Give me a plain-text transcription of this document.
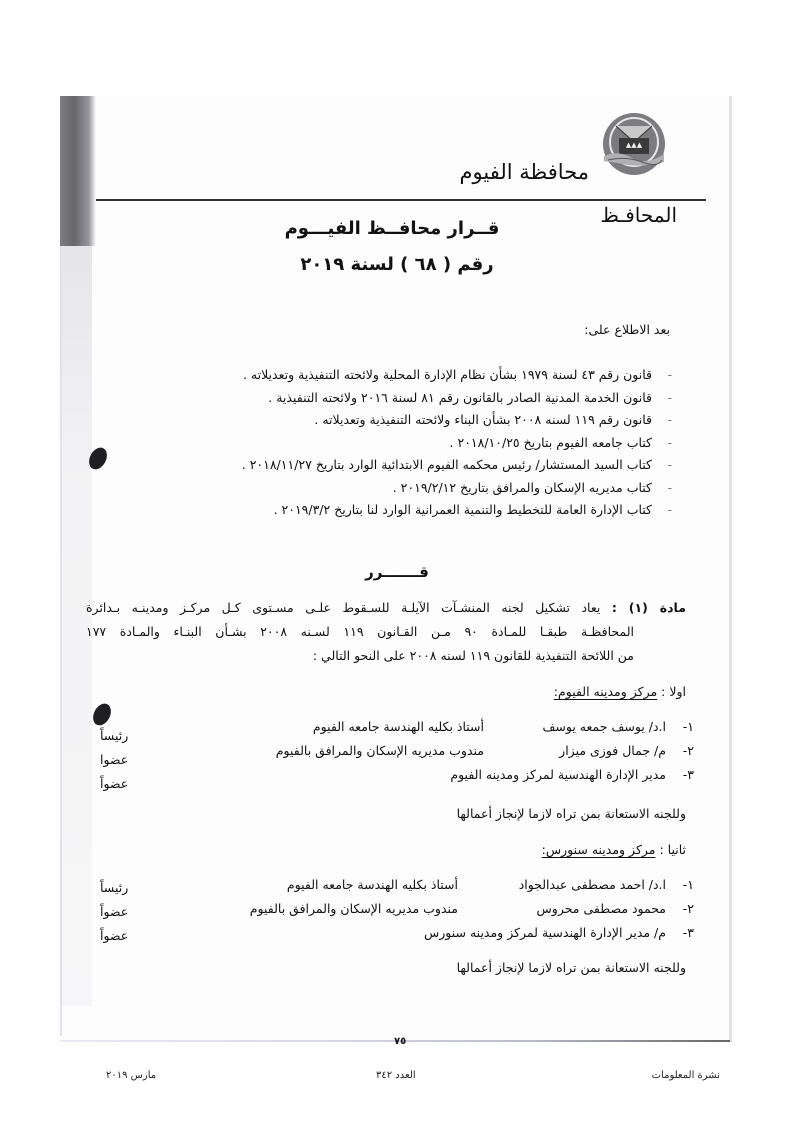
▲▲▲
محافظة الفيوم
المحافـظ
قــرار محافــظ الفيـــوم
رقم ( ٦٨ ) لسنة ٢٠١٩
بعد الاطلاع على:
-
قانون رقم ٤٣ لسنة ١٩٧٩ بشأن نظام الإدارة المحلية ولائحته التنفيذية وتعديلاته .
-
قانون الخدمة المدنية الصادر بالقانون رقم ٨١ لسنة ٢٠١٦ ولائحته التنفيذية .
-
قانون رقم ١١٩ لسنه ٢٠٠٨ بشأن البناء ولائحته التنفيذية وتعديلاته .
-
كتاب جامعه الفيوم بتاريخ ٢٠١٨/١٠/٢٥ .
-
كتاب السيد المستشار/ رئيس محكمه الفيوم الابتدائية الوارد بتاريخ ٢٠١٨/١١/٢٧ .
-
كتاب مديريه الإسكان والمرافق بتاريخ ٢٠١٩/٢/١٢ .
-
كتاب الإدارة العامة للتخطيط والتنمية العمرانية الوارد لنا بتاريخ ٢٠١٩/٣/٢ .
قـــــــرر
مادة (١) : يعاد تشكيل لجنه المنشـآت الآيلـة للسـقوط علـى مسـتوى كـل مركـز ومدينـه بـدائرة
المحافظـة طبقـا للمـادة ٩٠ مـن القـانون ١١٩ لسـنه ٢٠٠٨ بشـأن البنـاء والمـادة ١٧٧
من اللائحة التنفيذية للقانون ١١٩ لسنه ٢٠٠٨ على النحو التالي :
اولا : مركز ومدينه الفيوم:
١-
ا.د/ يوسف جمعه يوسف
أستاذ بكليه الهندسة جامعه الفيوم
رئيساً
٢-
م/ جمال فوزى ميزار
مندوب مديريه الإسكان والمرافق بالفيوم
عضوا
٣-
مدير الإدارة الهندسية لمركز ومدينه الفيوم
عضواً
وللجنه الاستعانة بمن تراه لازما لإنجاز أعمالها
ثانيا : مركز ومدينه سنورس:
١-
ا.د/ احمد مصطفى عبدالجواد
أستاذ بكليه الهندسة جامعه الفيوم
رئيساً
٢-
محمود مصطفى محروس
مندوب مديريه الإسكان والمرافق بالفيوم
عضواً
٣-
م/ مدير الإدارة الهندسية لمركز ومدينه سنورس
عضواً
وللجنه الاستعانة بمن تراه لازما لإنجاز أعمالها
٧٥
نشرة المعلومات
العدد ٣٤٢
مارس ٢٠١٩
